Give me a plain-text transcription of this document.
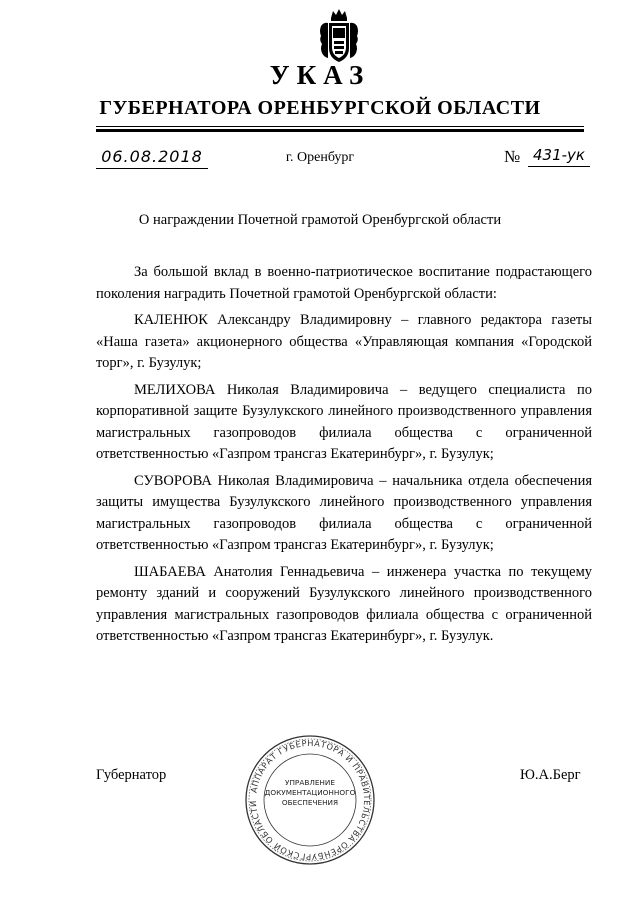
УКАЗ
ГУБЕРНАТОРА ОРЕНБУРГСКОЙ ОБЛАСТИ
06.08.2018	г. Оренбург	№ 431-ук
О награждении Почетной грамотой Оренбургской области

За большой вклад в военно-патриотическое воспитание подрастающего поколения наградить Почетной грамотой Оренбургской области:

КАЛЕНЮК Александру Владимировну – главного редактора газеты «Наша газета» акционерного общества «Управляющая компания «Городской торг», г. Бузулук;

МЕЛИХОВА Николая Владимировича – ведущего специалиста по корпоративной защите Бузулукского линейного производственного управления магистральных газопроводов филиала общества с ограниченной ответственностью «Газпром трансгаз Екатеринбург», г. Бузулук;

СУВОРОВА Николая Владимировича – начальника отдела обеспечения защиты имущества Бузулукского линейного производственного управления магистральных газопроводов филиала общества с ограниченной ответственностью «Газпром трансгаз Екатеринбург», г. Бузулук;

ШАБАЕВА Анатолия Геннадьевича – инженера участка по текущему ремонту зданий и сооружений Бузулукского линейного производственного управления магистральных газопроводов филиала общества с ограниченной ответственностью «Газпром трансгаз Екатеринбург», г. Бузулук.

Губернатор	Ю.А.Берг
АППАРАТ ГУБЕРНАТОРА И ПРАВИТЕЛЬСТВА ОРЕНБУРГСКОЙ ОБЛАСТИ
УПРАВЛЕНИЕ
ДОКУМЕНТАЦИОННОГО
ОБЕСПЕЧЕНИЯ
